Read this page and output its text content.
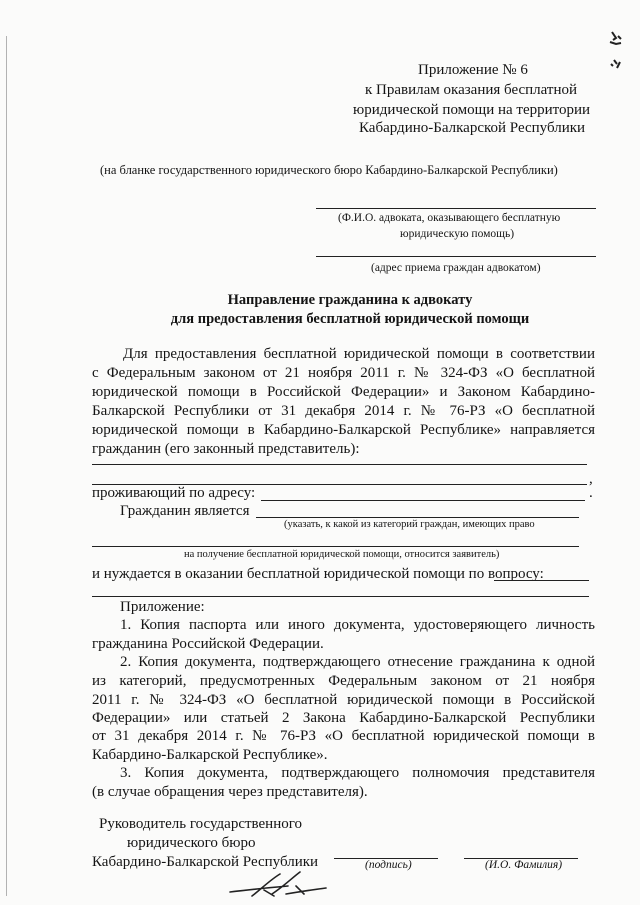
Приложение № 6
к Правилам оказания бесплатной
юридической помощи на территории
Кабардино-Балкарской Республики
(на бланке государственного юридического бюро Кабардино-Балкарской Республики)
(Ф.И.О. адвоката, оказывающего бесплатную
юридическую помощь)
(адрес приема граждан адвокатом)
Направление гражданина к адвокату
для предоставления бесплатной юридической помощи
Для предоставления бесплатной юридической помощи в соответствии
с Федеральным законом от 21 ноября 2011 г. № 324-ФЗ «О бесплатной
юридической помощи в Российской Федерации» и Законом Кабардино-
Балкарской Республики от 31 декабря 2014 г. № 76-РЗ «О бесплатной
юридической помощи в Кабардино-Балкарской Республике» направляется
гражданин (его законный представитель):
,
проживающий по адресу:	.
Гражданин является
(указать, к какой из категорий граждан, имеющих право
на получение бесплатной юридической помощи, относится заявитель)
и нуждается в оказании бесплатной юридической помощи по вопросу:
Приложение:
1. Копия паспорта или иного документа, удостоверяющего личность
гражданина Российской Федерации.
2. Копия документа, подтверждающего отнесение гражданина к одной
из категорий, предусмотренных Федеральным законом от 21 ноября
2011 г. № 324-ФЗ «О бесплатной юридической помощи в Российской
Федерации» или статьей 2 Закона Кабардино-Балкарской Республики
от 31 декабря 2014 г. № 76-РЗ «О бесплатной юридической помощи в
Кабардино-Балкарской Республике».
3. Копия документа, подтверждающего полномочия представителя
(в случае обращения через представителя).
Руководитель государственного
юридического бюро
Кабардино-Балкарской Республики	(подпись)	(И.О. Фамилия)
